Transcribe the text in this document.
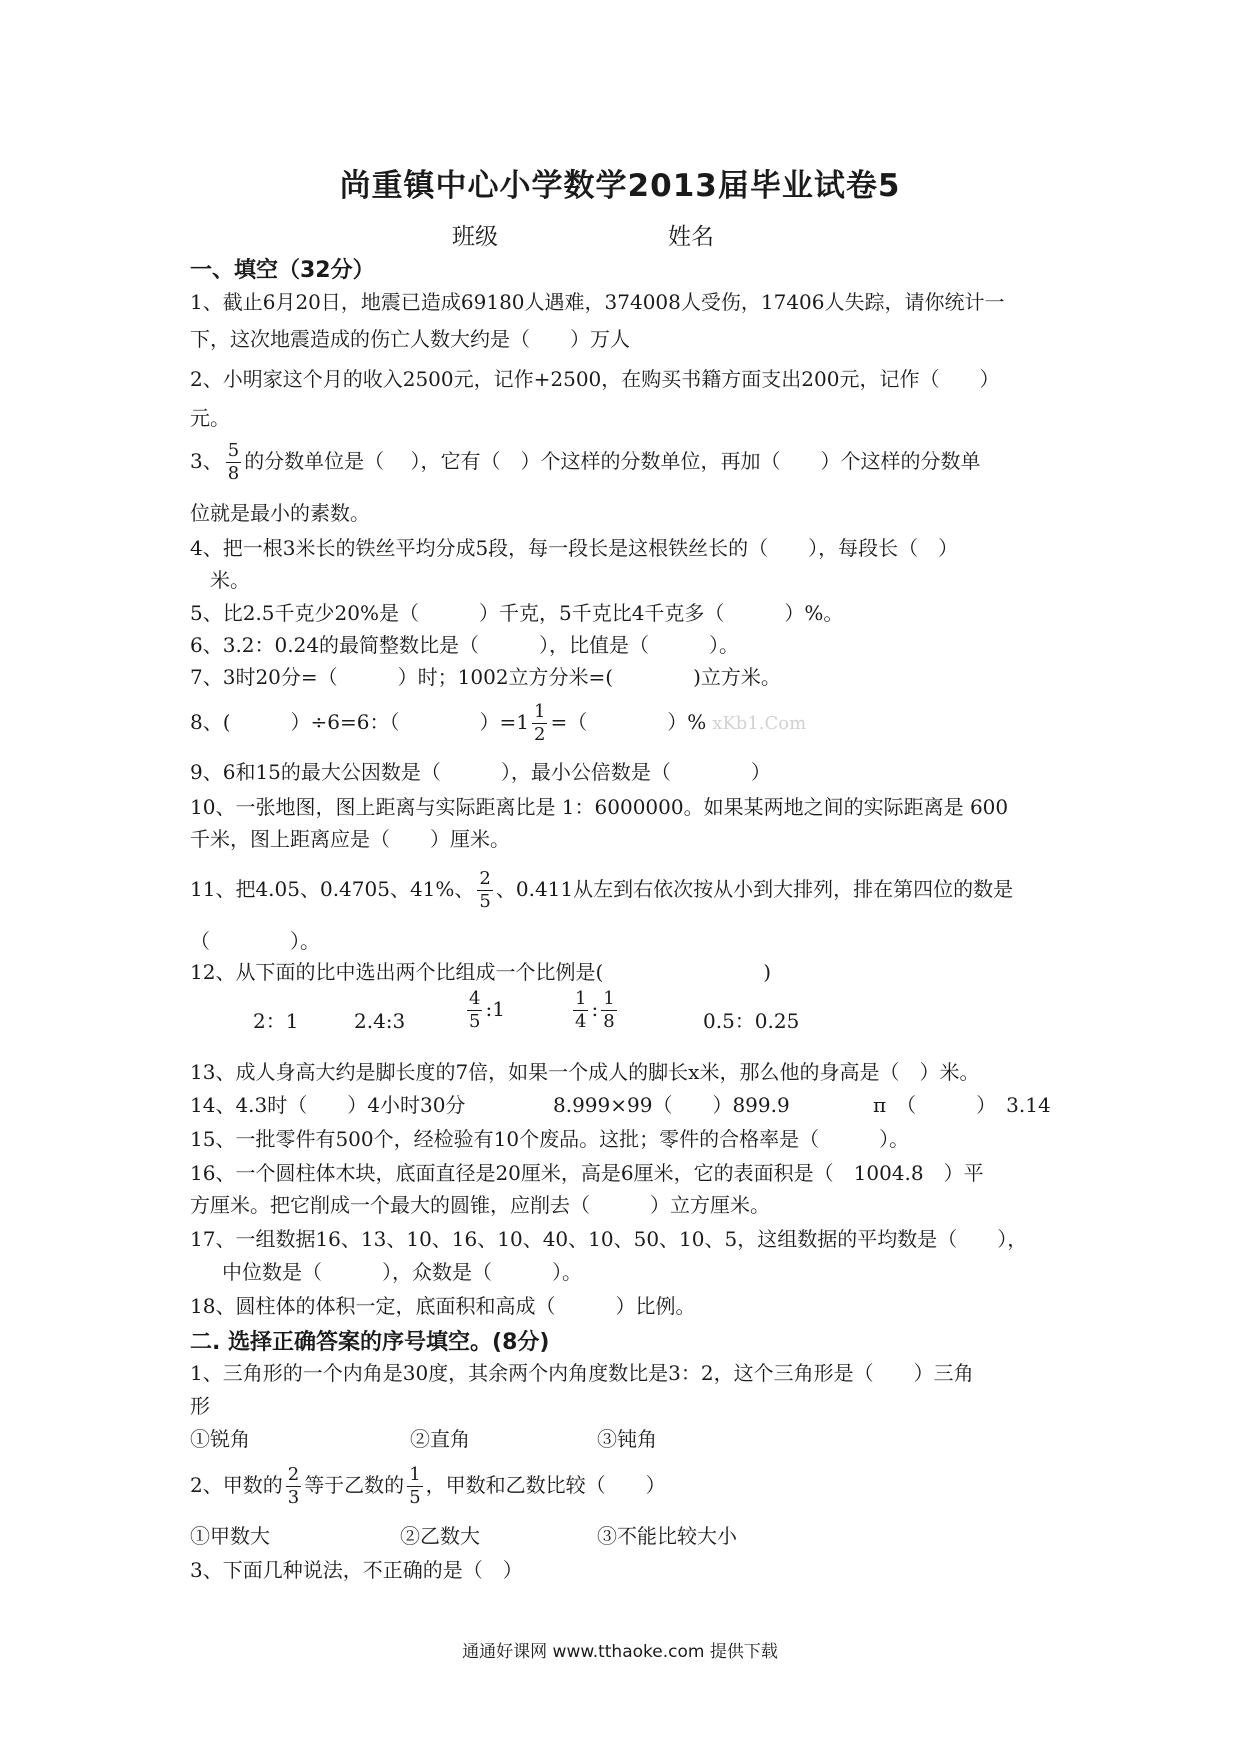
尚重镇中心小学数学2013届毕业试卷5
班级	姓名
一、填空（32分）
1、截止6月20日，地震已造成69180人遇难，374008人受伤，17406人失踪，请你统计一
下，这次地震造成的伤亡人数大约是（　　）万人
2、小明家这个月的收入2500元，记作+2500，在购买书籍方面支出200元，记作（　　）
元。
3、 $\frac{5}{8}$ 的分数单位是（　 ），它有（　）个这样的分数单位，再加（　　）个这样的分数单
位就是最小的素数。
4、把一根3米长的铁丝平均分成5段，每一段长是这根铁丝长的（　　），每段长（　）
米。
5、比2.5千克少20%是（　　　）千克，5千克比4千克多（　　　）%。
6、3.2：0.24的最简整数比是（　　　），比值是（　　　）。
7、3时20分=（　　　）时；1002立方分米=(　　　　)立方米。
8、(　　　）÷6=6：（　　　　）$=1 \frac{1}{2}$ =（　　　　）% xKb1.Com
9、6和15的最大公因数是（　　　），最小公倍数是（　　　　）
10、一张地图，图上距离与实际距离比是 1：6000000。如果某两地之间的实际距离是 600
千米，图上距离应是（　　）厘米。
11、把4.05、0.4705、41%、 $\frac{2}{5}$ 、0.411从左到右依次按从小到大排列，排在第四位的数是
（　　　　）。
12、从下面的比中选出两个比组成一个比例是(　　　　　　　　)
2：1	2.4:3	$\frac{4}{5}$ :1	$\frac{1}{4}$ : $\frac{1}{8}$	0.5：0.25
13、成人身高大约是脚长度的7倍，如果一个成人的脚长x米，那么他的身高是（　）米。
14、4.3时（　　）4小时30分	8.999×99（　　）899.9	π　（　　　）　3.14
15、一批零件有500个，经检验有10个废品。这批；零件的合格率是（　　　）。
16、一个圆柱体木块，底面直径是20厘米，高是6厘米，它的表面积是（　1004.8　）平
方厘米。把它削成一个最大的圆锥，应削去（　　　）立方厘米。
17、一组数据16、13、10、16、10、40、10、50、10、5，这组数据的平均数是（　　），
中位数是（　　　），众数是（　　　）。
18、圆柱体的体积一定，底面积和高成（　　　）比例。
二. 选择正确答案的序号填空。(8分)
1、三角形的一个内角是30度，其余两个内角度数比是3：2，这个三角形是（　　）三角
形
①锐角	②直角	③钝角
2、甲数的 $\frac{2}{3}$ 等于乙数的 $\frac{1}{5}$ ，甲数和乙数比较（　　）
①甲数大	②乙数大	③不能比较大小
3、下面几种说法，不正确的是（　）
通通好课网 www.tthaoke.com 提供下载
